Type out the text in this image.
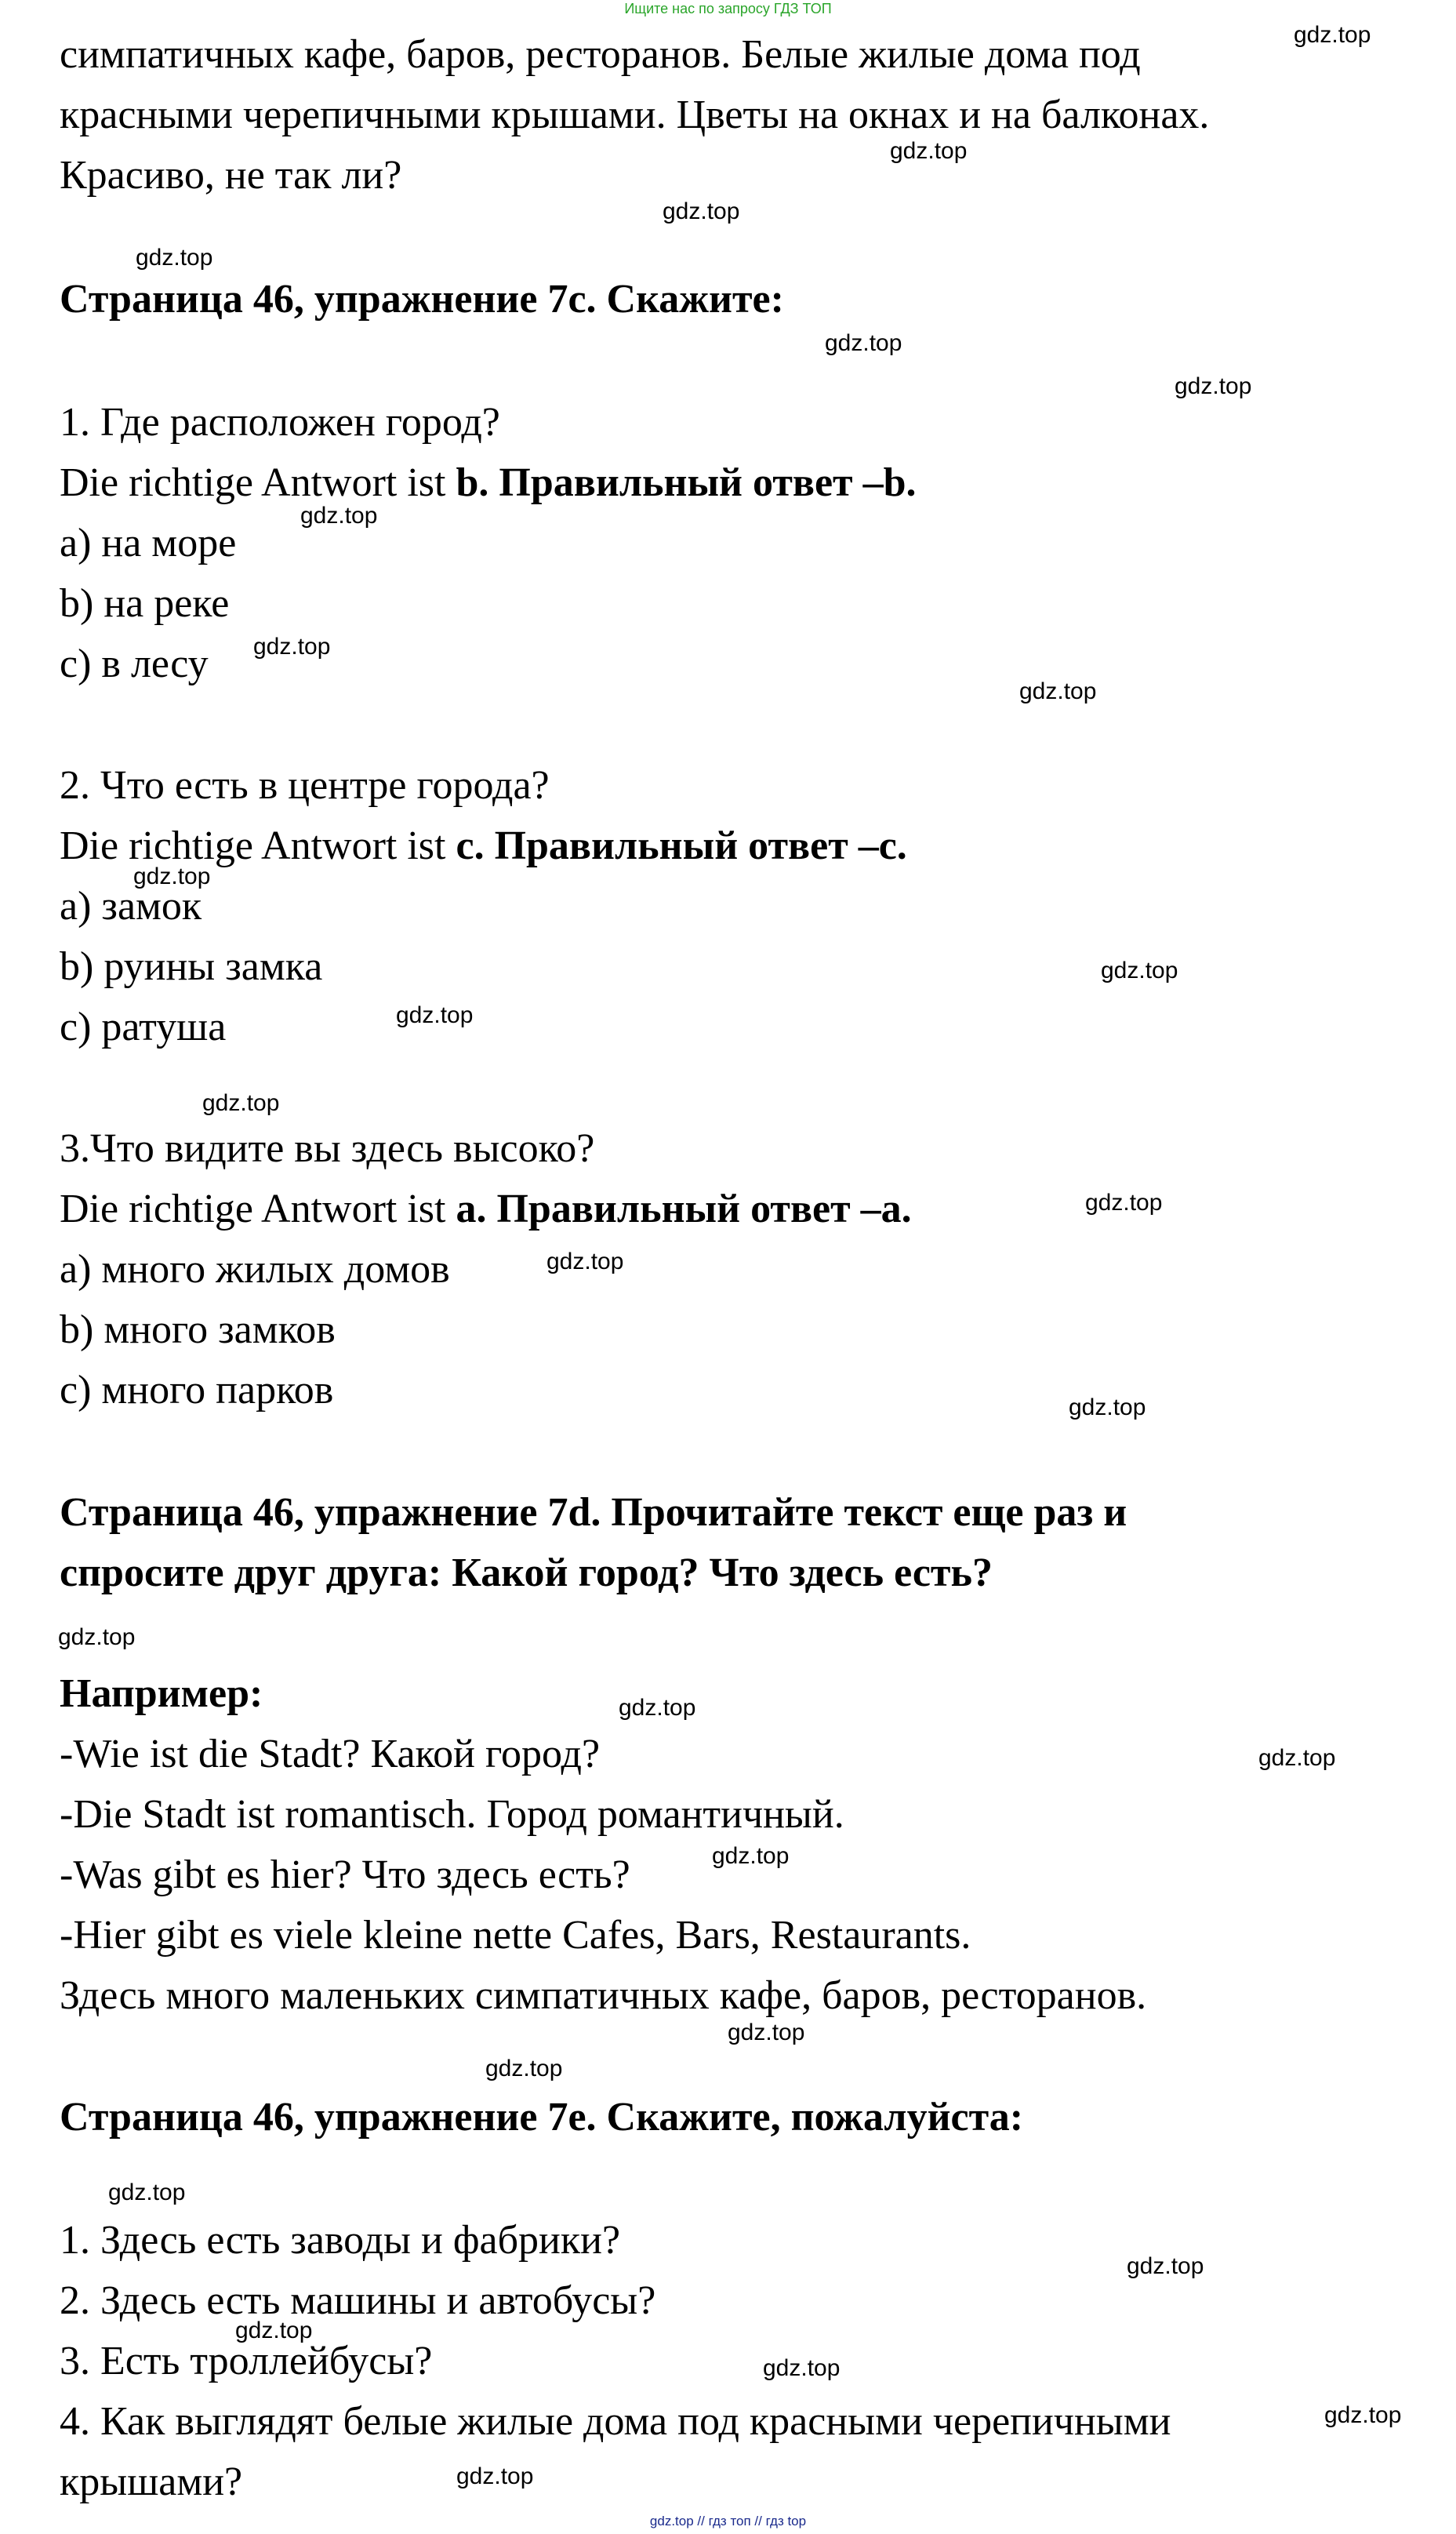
Ищите нас по запросу ГДЗ ТОП

симпатичных кафе, баров, ресторанов. Белые жилые дома под

красными черепичными крышами. Цветы на окнах и на балконах.

Красиво, не так ли?

Страница 46, упражнение 7с. Скажите:

1. Где расположен город?

Die richtige Antwort ist b. Правильный ответ –b.

a) на море

b) на реке

c) в лесу

2. Что есть в центре города?

Die richtige Antwort ist c. Правильный ответ –c.

a) замок

b) руины замка

c) ратуша

3.Что видите вы здесь высоко?

Die richtige Antwort ist a. Правильный ответ –a.

a) много жилых домов

b) много замков

c) много парков

Страница 46, упражнение 7d. Прочитайте текст еще раз и

спросите друг друга: Какой город? Что здесь есть?

Например:

-Wie ist die Stadt? Какой город?

-Die Stadt ist romantisch. Город романтичный.

-Was gibt es hier? Что здесь есть?

-Hier gibt es viele kleine nette Cafes, Bars, Restaurants.

Здесь много маленьких симпатичных кафе, баров, ресторанов.

Страница 46, упражнение 7e. Скажите, пожалуйста:

1. Здесь есть заводы и фабрики?

2. Здесь есть машины и автобусы?

3. Есть троллейбусы?

4. Как выглядят белые жилые дома под красными черепичными

крышами?

gdz.top
gdz.top
gdz.top
gdz.top
gdz.top
gdz.top
gdz.top
gdz.top
gdz.top
gdz.top
gdz.top
gdz.top
gdz.top
gdz.top
gdz.top
gdz.top
gdz.top
gdz.top
gdz.top
gdz.top
gdz.top
gdz.top
gdz.top
gdz.top
gdz.top
gdz.top
gdz.top
gdz.top
gdz.top // гдз топ // гдз top
